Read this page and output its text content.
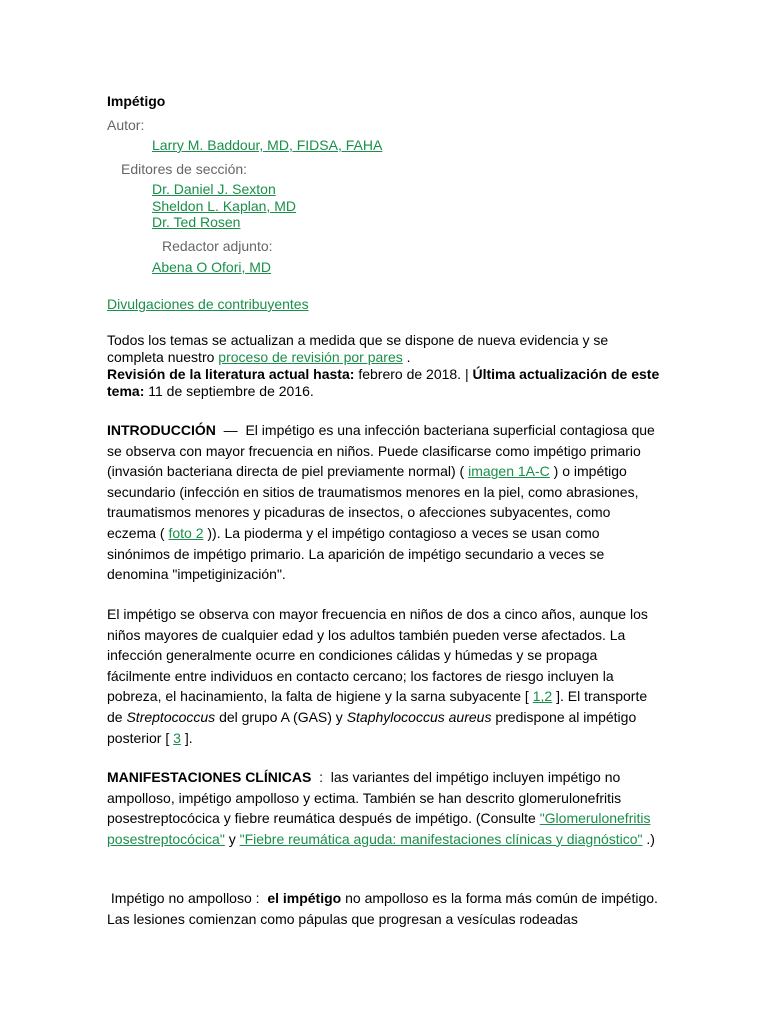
Impétigo
Autor:
Larry M. Baddour, MD, FIDSA, FAHA
Editores de sección:
Dr. Daniel J. Sexton
Sheldon L. Kaplan, MD
Dr. Ted Rosen
Redactor adjunto:
Abena O Ofori, MD
Divulgaciones de contribuyentes
Todos los temas se actualizan a medida que se dispone de nueva evidencia y se completa nuestro proceso de revisión por pares .
Revisión de la literatura actual hasta: febrero de 2018. | Última actualización de este tema: 11 de septiembre de 2016.
INTRODUCCIÓN  —  El impétigo es una infección bacteriana superficial contagiosa que se observa con mayor frecuencia en niños. Puede clasificarse como impétigo primario (invasión bacteriana directa de piel previamente normal) ( imagen 1A-C ) o impétigo secundario (infección en sitios de traumatismos menores en la piel, como abrasiones, traumatismos menores y picaduras de insectos, o afecciones subyacentes, como eczema ( foto 2 )). La pioderma y el impétigo contagioso a veces se usan como sinónimos de impétigo primario. La aparición de impétigo secundario a veces se denomina "impetiginización".
El impétigo se observa con mayor frecuencia en niños de dos a cinco años, aunque los niños mayores de cualquier edad y los adultos también pueden verse afectados. La infección generalmente ocurre en condiciones cálidas y húmedas y se propaga fácilmente entre individuos en contacto cercano; los factores de riesgo incluyen la pobreza, el hacinamiento, la falta de higiene y la sarna subyacente [ 1,2 ]. El transporte de Streptococcus del grupo A (GAS) y Staphylococcus aureus predispone al impétigo posterior [ 3 ].
MANIFESTACIONES CLÍNICAS  :  las variantes del impétigo incluyen impétigo no ampolloso, impétigo ampolloso y ectima. También se han descrito glomerulonefritis posestreptocócica y fiebre reumática después de impétigo. (Consulte "Glomerulonefritis posestreptocócica" y "Fiebre reumática aguda: manifestaciones clínicas y diagnóstico" .)
Impétigo no ampolloso :  el impétigo no ampolloso es la forma más común de impétigo. Las lesiones comienzan como pápulas que progresan a vesículas rodeadas
